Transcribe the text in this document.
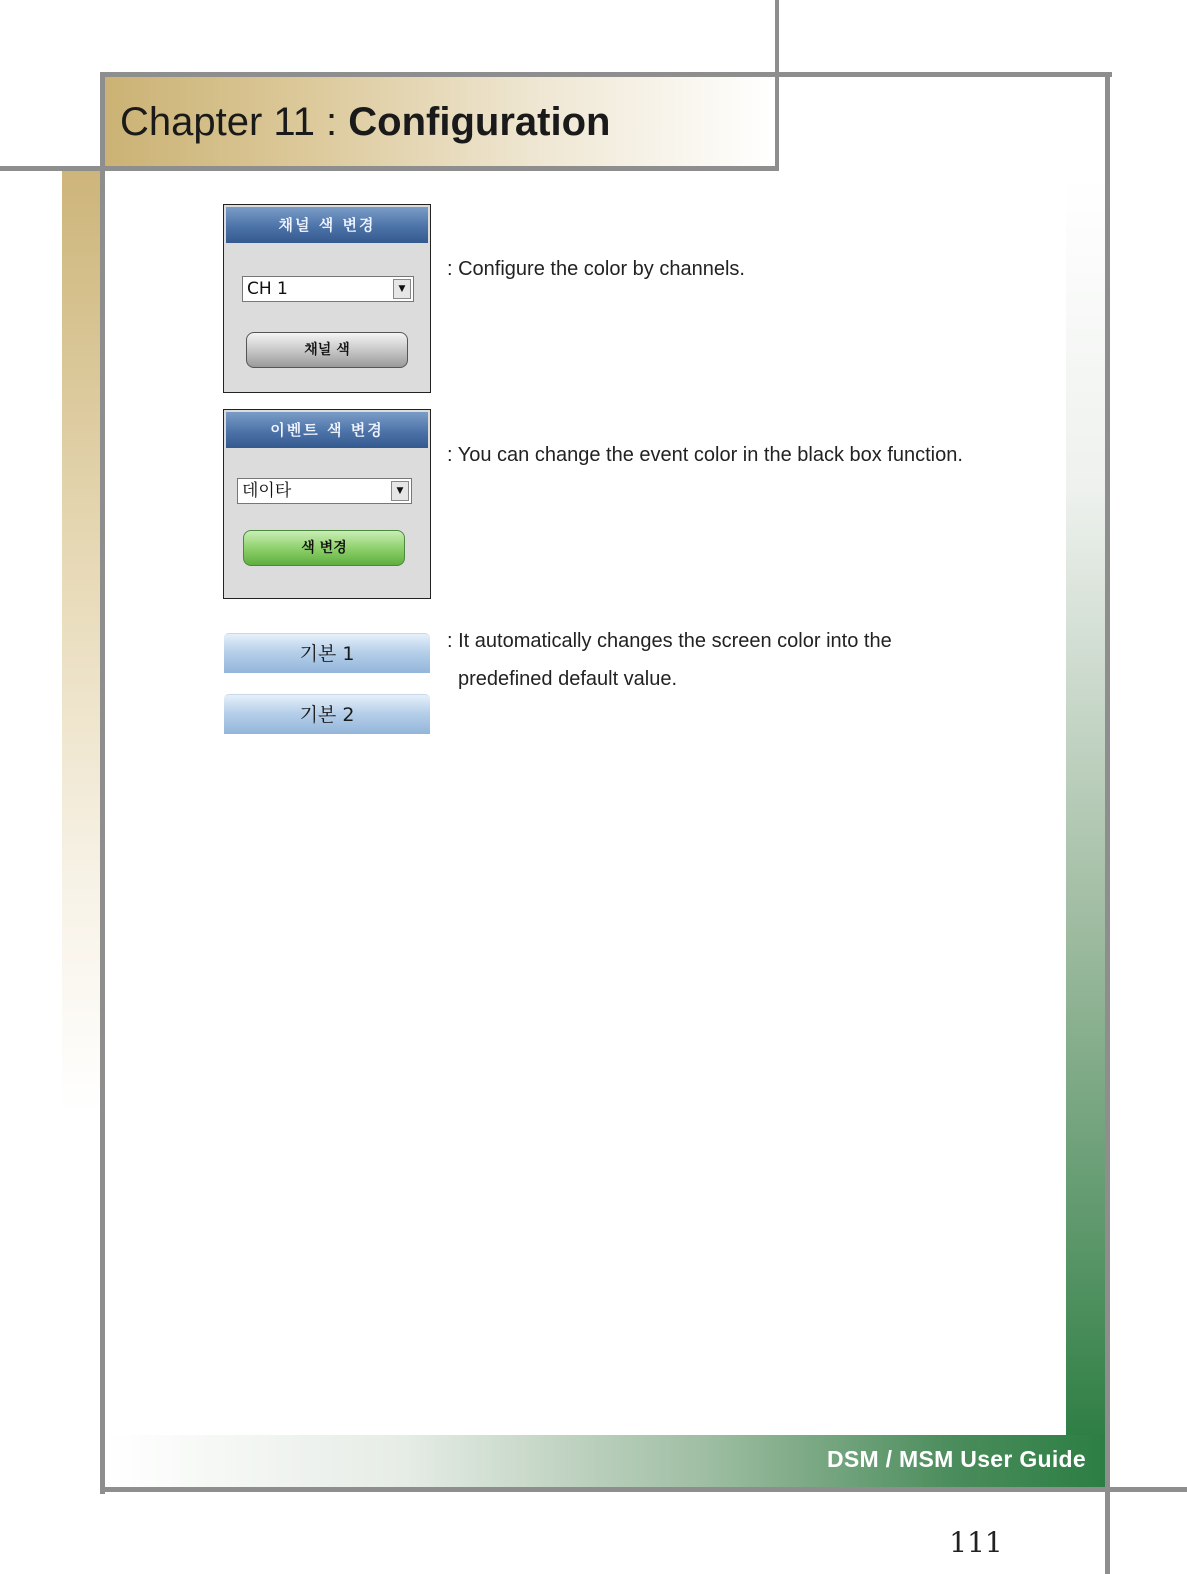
Chapter 11 : Configuration
채널 색 변경
CH 1	▼
채널 색
: Configure the color by channels.
이벤트 색 변경
데이타	▼
색 변경
: You can change the event color in the black box function.
기본 1
기본 2
: It automatically changes the screen color into the
predefined default value.
DSM / MSM User Guide
111
